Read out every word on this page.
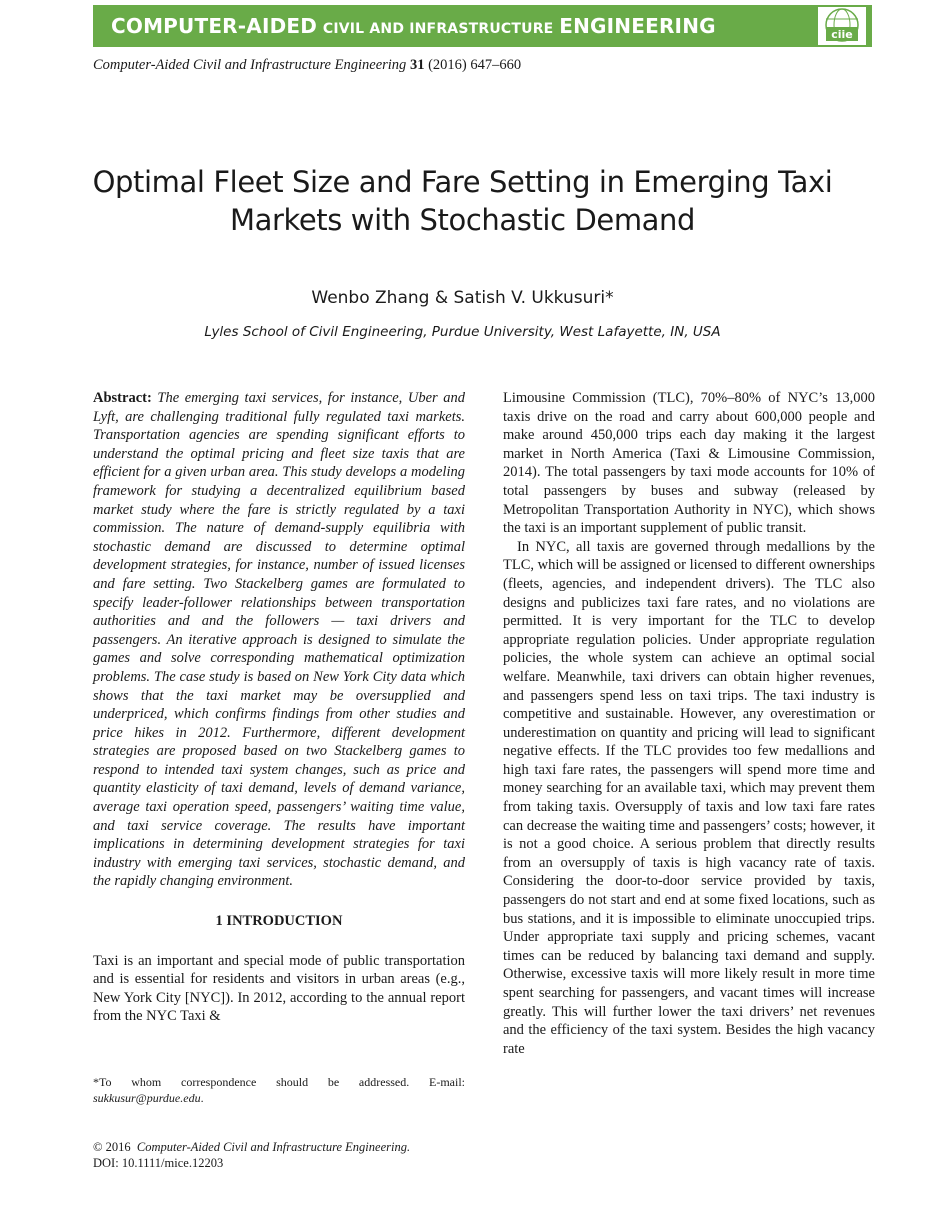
COMPUTER-AIDED CIVIL AND INFRASTRUCTURE ENGINEERING	ciie
Computer-Aided Civil and Infrastructure Engineering 31 (2016) 647–660
Optimal Fleet Size and Fare Setting in Emerging Taxi Markets with Stochastic Demand
Wenbo Zhang & Satish V. Ukkusuri*
Lyles School of Civil Engineering, Purdue University, West Lafayette, IN, USA

Abstract: The emerging taxi services, for instance, Uber and Lyft, are challenging traditional fully regulated taxi markets. Transportation agencies are spending significant efforts to understand the optimal pricing and fleet size taxis that are efficient for a given urban area. This study develops a modeling framework for studying a decentralized equilibrium based market study where the fare is strictly regulated by a taxi commission. The nature of demand-supply equilibria with stochastic demand are discussed to determine optimal development strategies, for instance, number of issued licenses and fare setting. Two Stackelberg games are formulated to specify leader-follower relationships between transportation authorities and and the followers — taxi drivers and passengers. An iterative approach is designed to simulate the games and solve corresponding mathematical optimization problems. The case study is based on New York City data which shows that the taxi market may be oversupplied and underpriced, which confirms findings from other studies and price hikes in 2012. Furthermore, different development strategies are proposed based on two Stackelberg games to respond to intended taxi system changes, such as price and quantity elasticity of taxi demand, levels of demand variance, average taxi operation speed, passengers’ waiting time value, and taxi service coverage. The results have important implications in determining development strategies for taxi industry with emerging taxi services, stochastic demand, and the rapidly changing environment.

1 INTRODUCTION

Taxi is an important and special mode of public transportation and is essential for residents and visitors in urban areas (e.g., New York City [NYC]). In 2012, according to the annual report from the NYC Taxi &

Limousine Commission (TLC), 70%–80% of NYC’s 13,000 taxis drive on the road and carry about 600,000 people and make around 450,000 trips each day making it the largest market in North America (Taxi & Limousine Commission, 2014). The total passengers by taxi mode accounts for 10% of total passengers by buses and subway (released by Metropolitan Transportation Authority in NYC), which shows the taxi is an important supplement of public transit.

In NYC, all taxis are governed through medallions by the TLC, which will be assigned or licensed to different ownerships (fleets, agencies, and independent drivers). The TLC also designs and publicizes taxi fare rates, and no violations are permitted. It is very important for the TLC to develop appropriate regulation policies. Under appropriate regulation policies, the whole system can achieve an optimal social welfare. Meanwhile, taxi drivers can obtain higher revenues, and passengers spend less on taxi trips. The taxi industry is competitive and sustainable. However, any overestimation or underestimation on quantity and pricing will lead to significant negative effects. If the TLC provides too few medallions and high taxi fare rates, the passengers will spend more time and money searching for an available taxi, which may prevent them from taking taxis. Oversupply of taxis and low taxi fare rates can decrease the waiting time and passengers’ costs; however, it is not a good choice. A serious problem that directly results from an oversupply of taxis is high vacancy rate of taxis. Considering the door-to-door service provided by taxis, passengers do not start and end at some fixed locations, such as bus stations, and it is impossible to eliminate unoccupied trips. Under appropriate taxi supply and pricing schemes, vacant times can be reduced by balancing taxi demand and supply. Otherwise, excessive taxis will more likely result in more time spent searching for passengers, and vacant times will increase greatly. This will further lower the taxi drivers’ net revenues and the efficiency of the taxi system. Besides the high vacancy rate

*To whom correspondence should be addressed. E-mail: sukkusur@purdue.edu.
© 2016 Computer-Aided Civil and Infrastructure Engineering.
DOI: 10.1111/mice.12203
